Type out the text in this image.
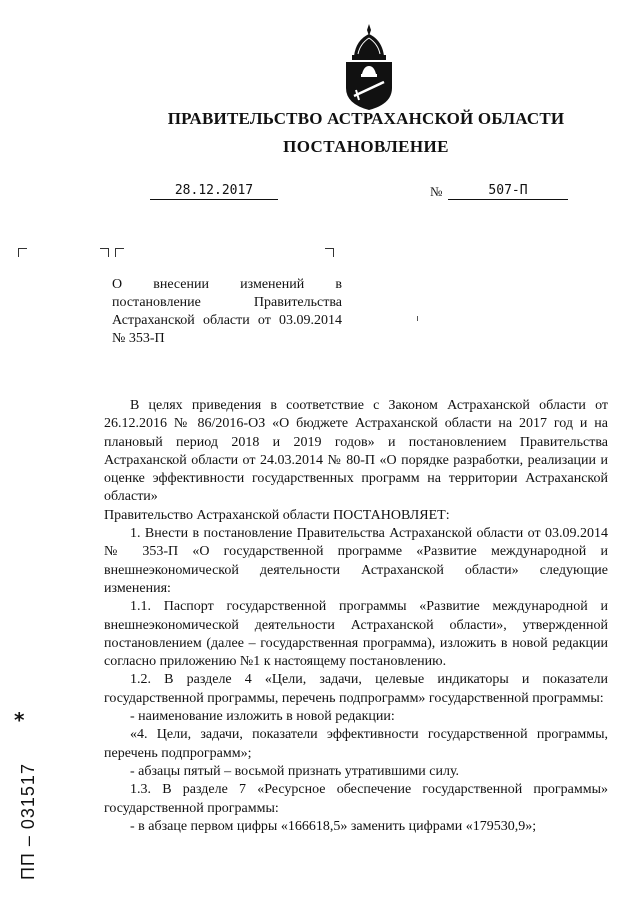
ПРАВИТЕЛЬСТВО АСТРАХАНСКОЙ ОБЛАСТИ
ПОСТАНОВЛЕНИЕ
28.12.2017	№	507-П
О внесении изменений в постановление Правительства Астраханской области от 03.09.2014 № 353-П

В целях приведения в соответствие с Законом Астраханской области от 26.12.2016 № 86/2016-ОЗ «О бюджете Астраханской области на 2017 год и на плановый период 2018 и 2019 годов» и постановлением Правительства Астраханской области от 24.03.2014 № 80-П «О порядке разработки, реализации и оценке эффективности государственных программ на территории Астраханской области»

Правительство Астраханской области ПОСТАНОВЛЯЕТ:

1. Внести в постановление Правительства Астраханской области от 03.09.2014 № 353-П «О государственной программе «Развитие международной и внешнеэкономической деятельности Астраханской области» следующие изменения:

1.1. Паспорт государственной программы «Развитие международной и внешнеэкономической деятельности Астраханской области», утвержденной постановлением (далее – государственная программа), изложить в новой редакции согласно приложению №1 к настоящему постановлению.

1.2. В разделе 4 «Цели, задачи, целевые индикаторы и показатели государственной программы, перечень подпрограмм» государственной программы:

- наименование изложить в новой редакции:

«4. Цели, задачи, показатели эффективности государственной программы, перечень подпрограмм»;

- абзацы пятый – восьмой признать утратившими силу.

1.3. В разделе 7 «Ресурсное обеспечение государственной программы» государственной программы:

- в абзаце первом цифры «166618,5» заменить цифрами «179530,9»;

*
ПП – 031517
